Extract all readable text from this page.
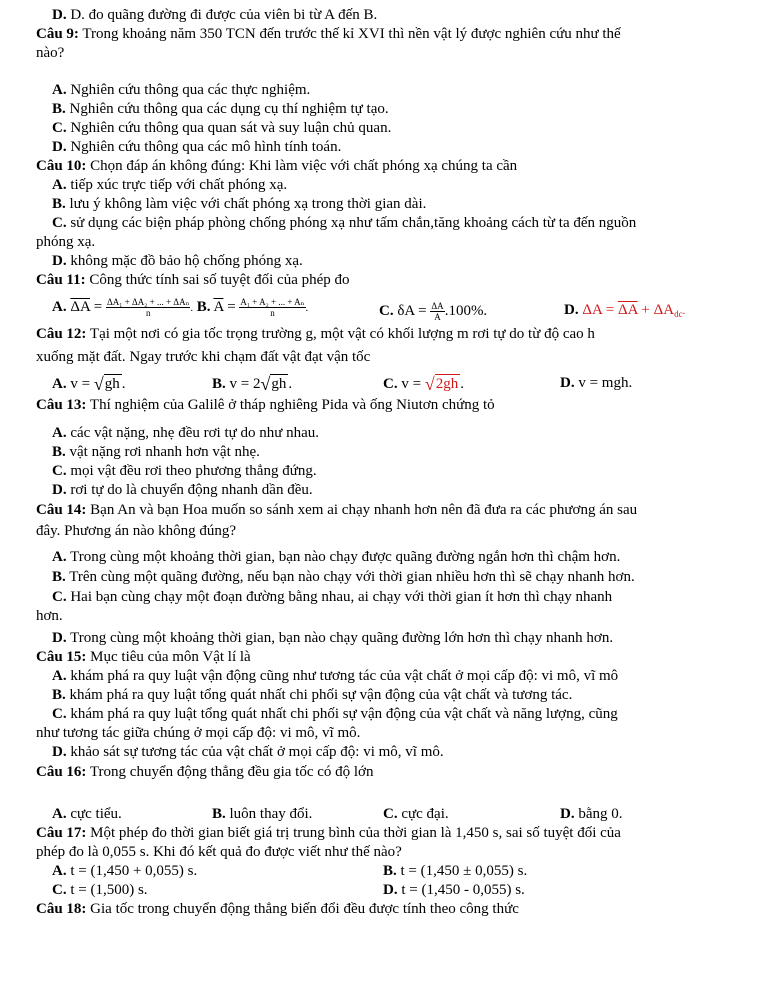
D. D. đo quãng đường đi được của viên bi từ A đến B.
Câu 9: Trong khoảng năm 350 TCN đến trước thế kỉ XVI thì nền vật lý được nghiên cứu như thế
nào?
A. Nghiên cứu thông qua các thực nghiệm.
B. Nghiên cứu thông qua các dụng cụ thí nghiệm tự tạo.
C. Nghiên cứu thông qua quan sát và suy luận chủ quan.
D. Nghiên cứu thông qua các mô hình tính toán.
Câu 10: Chọn đáp án không đúng: Khi làm việc với chất phóng xạ chúng ta cần
A. tiếp xúc trực tiếp với chất phóng xạ.
B. lưu ý không làm việc với chất phóng xạ trong thời gian dài.
C. sử dụng các biện pháp phòng chống phóng xạ như tấm chắn,tăng khoảng cách từ ta đến nguồn
phóng xạ.
D. không mặc đồ bảo hộ chống phóng xạ.
Câu 11: Công thức tính sai số tuyệt đối của phép đo
A. $\overline{\Delta A} = \frac{\text{ΔA₁ + ΔA₂ + ... + ΔAₙ}}{n}$ . B. $\overline{A} = \frac{\text{A₁ + A₂ + ... + Aₙ}}{n}$ .	C. $\delta A = \frac{\Delta A}{A} .100\%$.	D. $\Delta A = \overline{\Delta A} + \Delta A_{dc}$.
Câu 12: Tại một nơi có gia tốc trọng trường g, một vật có khối lượng m rơi tự do từ độ cao h
xuống mặt đất. Ngay trước khi chạm đất vật đạt vận tốc
A. v = √gh .	B. v = 2√gh .	C. v = √2gh .	D. v = mgh.
Câu 13: Thí nghiệm của Galilê ở tháp nghiêng Pida và ống Niutơn chứng tỏ
A. các vật nặng, nhẹ đều rơi tự do như nhau.
B. vật nặng rơi nhanh hơn vật nhẹ.
C. mọi vật đều rơi theo phương thẳng đứng.
D. rơi tự do là chuyển động nhanh dần đều.
Câu 14: Bạn An và bạn Hoa muốn so sánh xem ai chạy nhanh hơn nên đã đưa ra các phương án sau
đây. Phương án nào không đúng?
A. Trong cùng một khoảng thời gian, bạn nào chạy được quãng đường ngắn hơn thì chậm hơn.
B. Trên cùng một quãng đường, nếu bạn nào chạy với thời gian nhiều hơn thì sẽ chạy nhanh hơn.
C. Hai bạn cùng chạy một đoạn đường bằng nhau, ai chạy với thời gian ít hơn thì chạy nhanh
hơn.
D. Trong cùng một khoảng thời gian, bạn nào chạy quãng đường lớn hơn thì chạy nhanh hơn.
Câu 15: Mục tiêu của môn Vật lí là
A. khám phá ra quy luật vận động cũng như tương tác của vật chất ở mọi cấp độ: vi mô, vĩ mô
B. khám phá ra quy luật tổng quát nhất chi phối sự vận động của vật chất và tương tác.
C. khám phá ra quy luật tổng quát nhất chi phối sự vận động của vật chất và năng lượng, cũng
như tương tác giữa chúng ở mọi cấp độ: vi mô, vĩ mô.
D. khảo sát sự tương tác của vật chất ở mọi cấp độ: vi mô, vĩ mô.
Câu 16: Trong chuyển động thẳng đều gia tốc có độ lớn
A. cực tiểu.	B. luôn thay đổi.	C. cực đại.	D. bằng 0.
Câu 17: Một phép đo thời gian biết giá trị trung bình của thời gian là 1,450 s, sai số tuyệt đối của
phép đo là 0,055 s. Khi đó kết quả đo được viết như thế nào?
A. t = (1,450 + 0,055) s.	B. t = (1,450 ± 0,055) s.
C. t = (1,500) s.	D. t = (1,450 - 0,055) s.
Câu 18: Gia tốc trong chuyển động thẳng biến đổi đều được tính theo công thức
